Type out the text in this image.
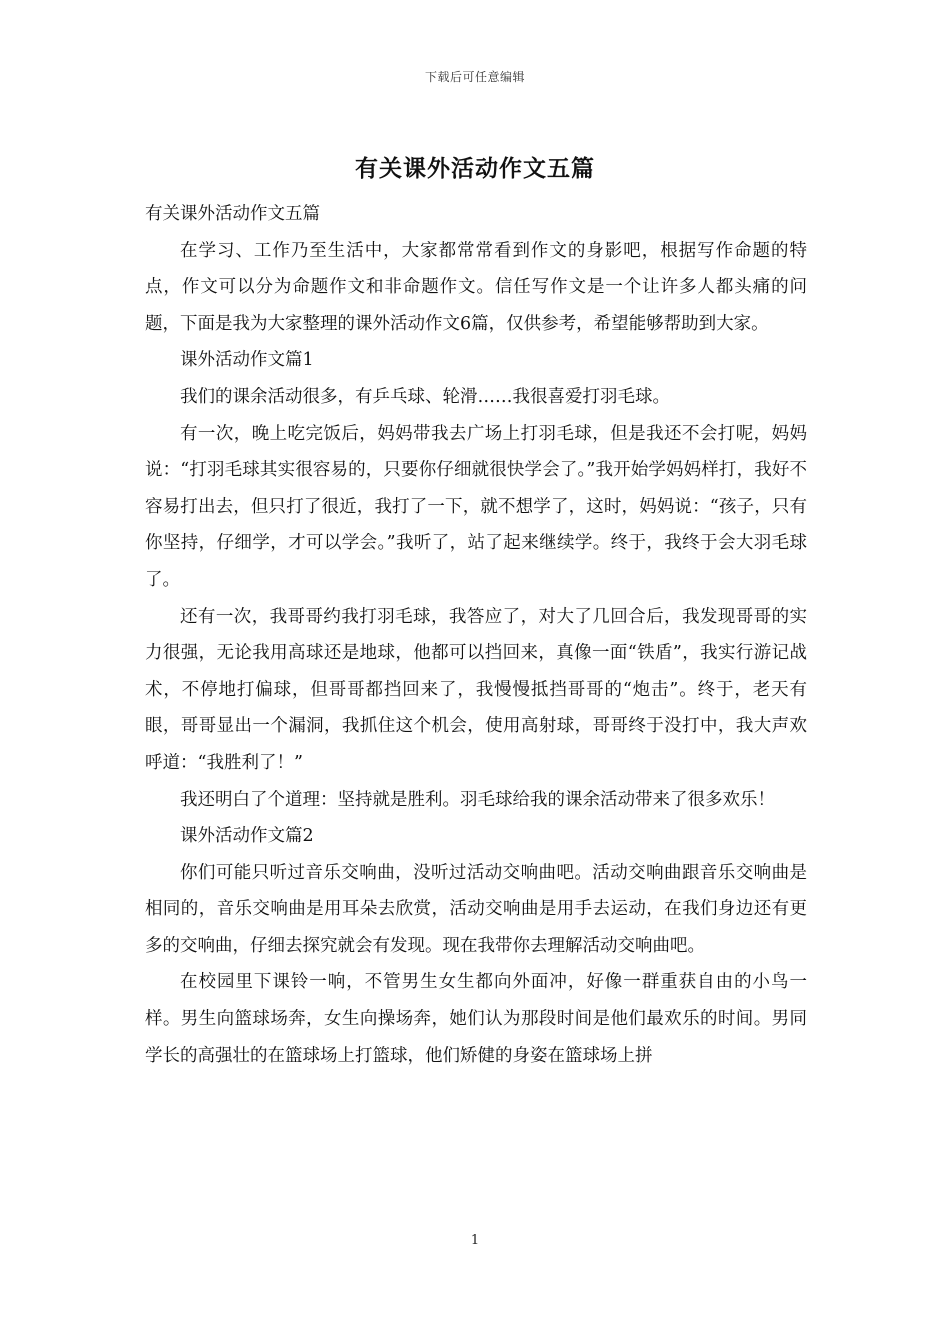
下载后可任意编辑
有关课外活动作文五篇

有关课外活动作文五篇

在学习、工作乃至生活中，大家都常常看到作文的身影吧，根据写作命题的特点，作文可以分为命题作文和非命题作文。信任写作文是一个让许多人都头痛的问题，下面是我为大家整理的课外活动作文6篇，仅供参考，希望能够帮助到大家。

课外活动作文篇1

我们的课余活动很多，有乒乓球、轮滑……我很喜爱打羽毛球。

有一次，晚上吃完饭后，妈妈带我去广场上打羽毛球，但是我还不会打呢，妈妈说：“打羽毛球其实很容易的，只要你仔细就很快学会了。”我开始学妈妈样打，我好不容易打出去，但只打了很近，我打了一下，就不想学了，这时，妈妈说：“孩子，只有你坚持，仔细学，才可以学会。”我听了，站了起来继续学。终于，我终于会大羽毛球了。

还有一次，我哥哥约我打羽毛球，我答应了，对大了几回合后，我发现哥哥的实力很强，无论我用高球还是地球，他都可以挡回来，真像一面“铁盾”，我实行游记战术，不停地打偏球，但哥哥都挡回来了，我慢慢抵挡哥哥的“炮击”。终于，老天有眼，哥哥显出一个漏洞，我抓住这个机会，使用高射球，哥哥终于没打中，我大声欢呼道：“我胜利了！”

我还明白了个道理：坚持就是胜利。羽毛球给我的课余活动带来了很多欢乐！

课外活动作文篇2

你们可能只听过音乐交响曲，没听过活动交响曲吧。活动交响曲跟音乐交响曲是相同的，音乐交响曲是用耳朵去欣赏，活动交响曲是用手去运动，在我们身边还有更多的交响曲，仔细去探究就会有发现。现在我带你去理解活动交响曲吧。

在校园里下课铃一响，不管男生女生都向外面冲，好像一群重获自由的小鸟一样。男生向篮球场奔，女生向操场奔，她们认为那段时间是他们最欢乐的时间。男同学长的高强壮的在篮球场上打篮球，他们矫健的身姿在篮球场上拼

1
